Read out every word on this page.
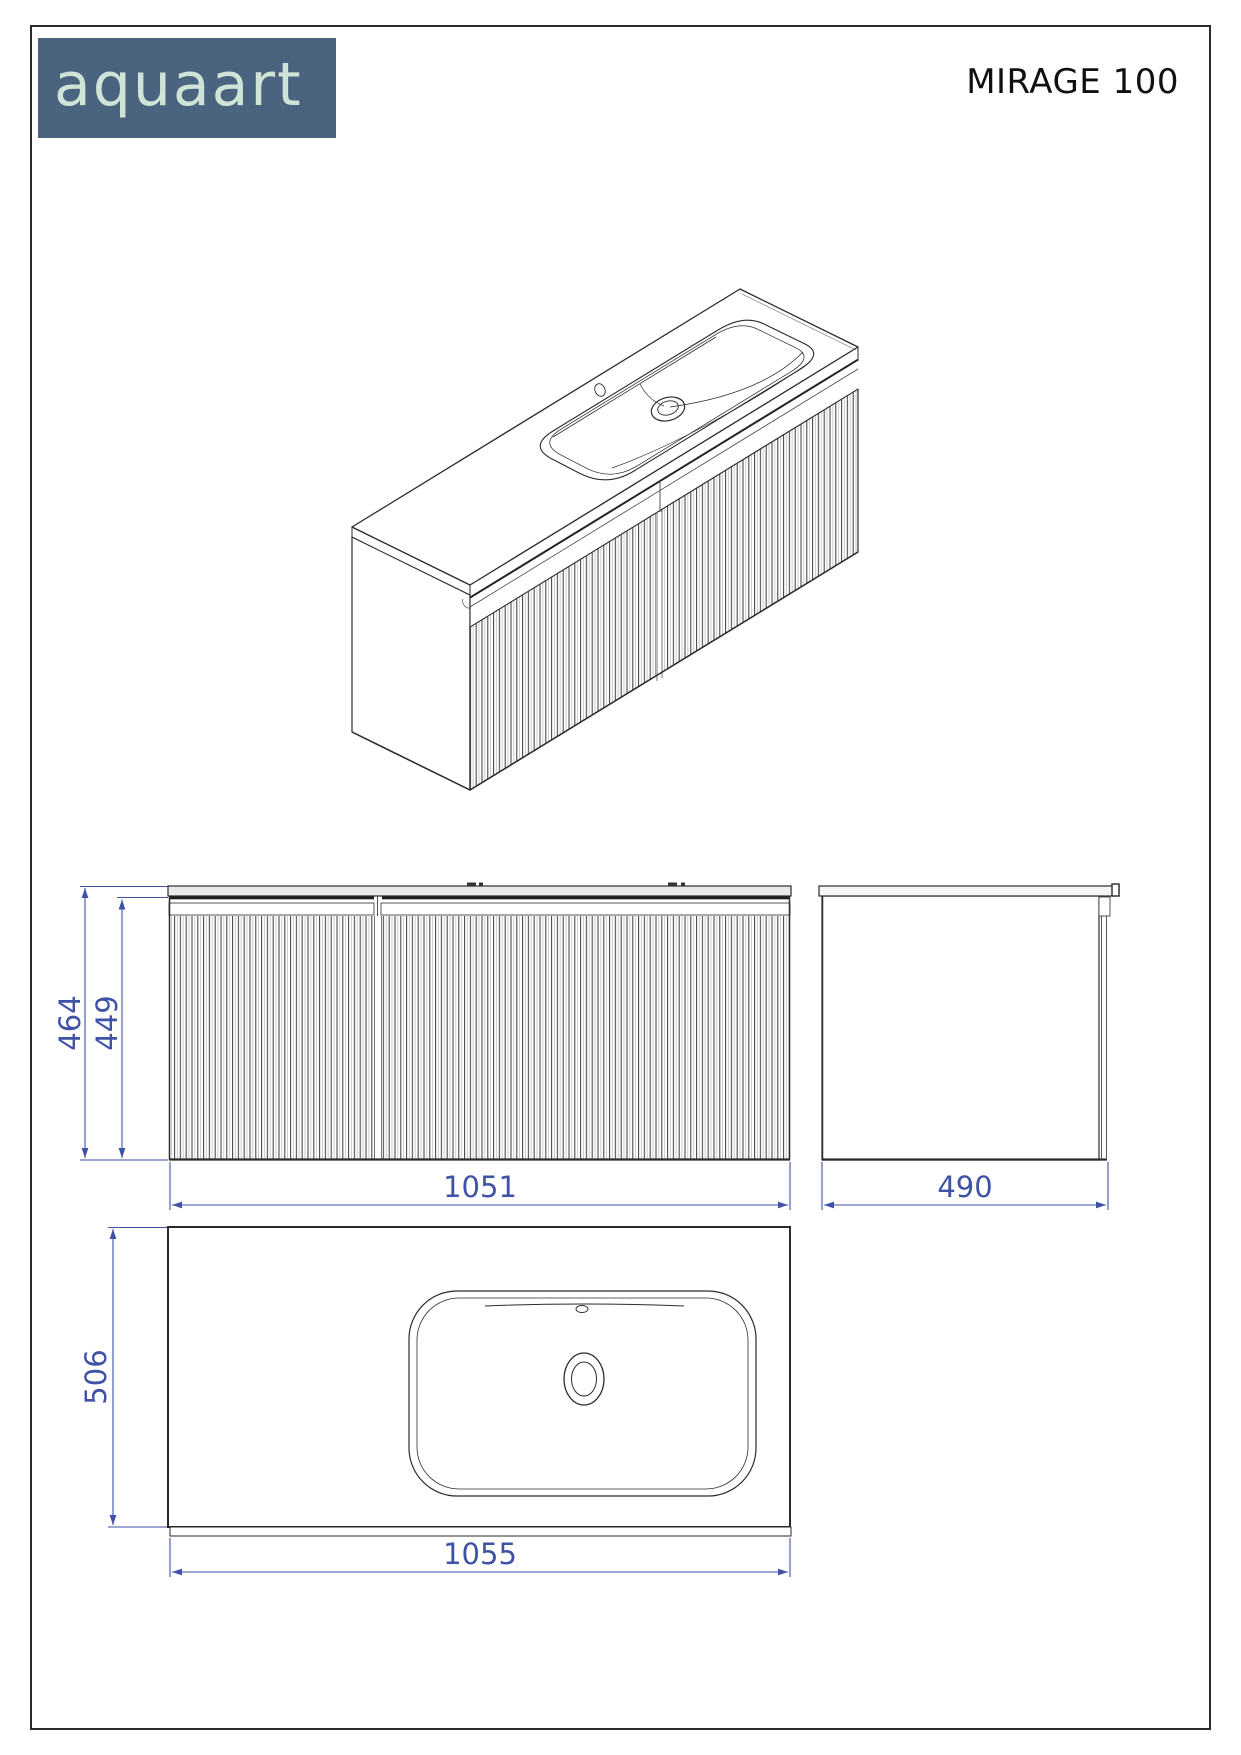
aquaart	MIRAGE 100
464 449
1051	490
506
1055
